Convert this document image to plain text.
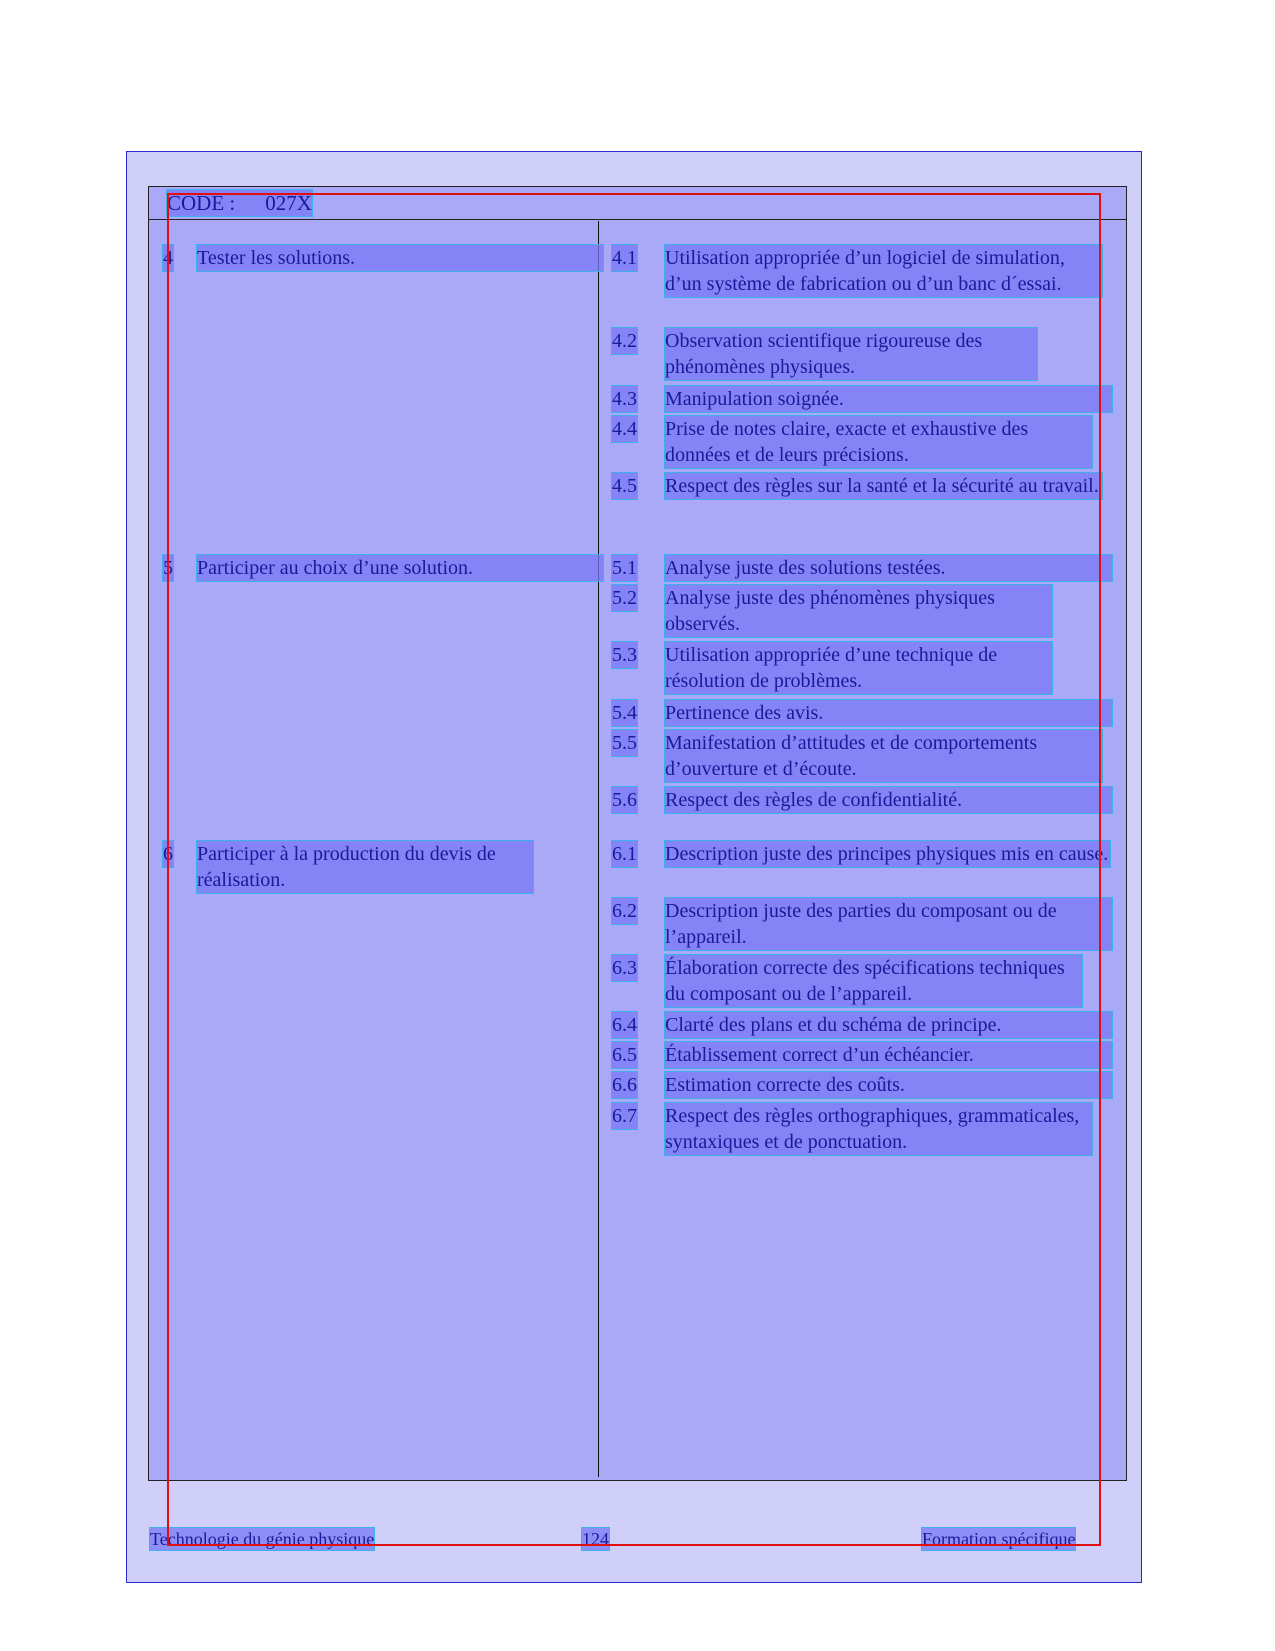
CODE : 027X
4 Tester les solutions.
5 Participer au choix d’une solution.
6 Participer à la production du devis de réalisation.
4.1 Utilisation appropriée d’un logiciel de simulation, d’un système de fabrication ou d’un banc d´essai.
4.2 Observation scientifique rigoureuse des phénomènes physiques.
4.3 Manipulation soignée.
4.4 Prise de notes claire, exacte et exhaustive des données et de leurs précisions.
4.5 Respect des règles sur la santé et la sécurité au travail.
5.1 Analyse juste des solutions testées.
5.2 Analyse juste des phénomènes physiques observés.
5.3 Utilisation appropriée d’une technique de résolution de problèmes.
5.4 Pertinence des avis.
5.5 Manifestation d’attitudes et de comportements d’ouverture et d’écoute.
5.6 Respect des règles de confidentialité.
6.1 Description juste des principes physiques mis en cause.
6.2 Description juste des parties du composant ou de l’appareil.
6.3 Élaboration correcte des spécifications techniques du composant ou de l’appareil.
6.4 Clarté des plans et du schéma de principe.
6.5 Établissement correct d’un échéancier.
6.6 Estimation correcte des coûts.
6.7 Respect des règles orthographiques, grammaticales, syntaxiques et de ponctuation.
Technologie du génie physique	124	Formation spécifique
